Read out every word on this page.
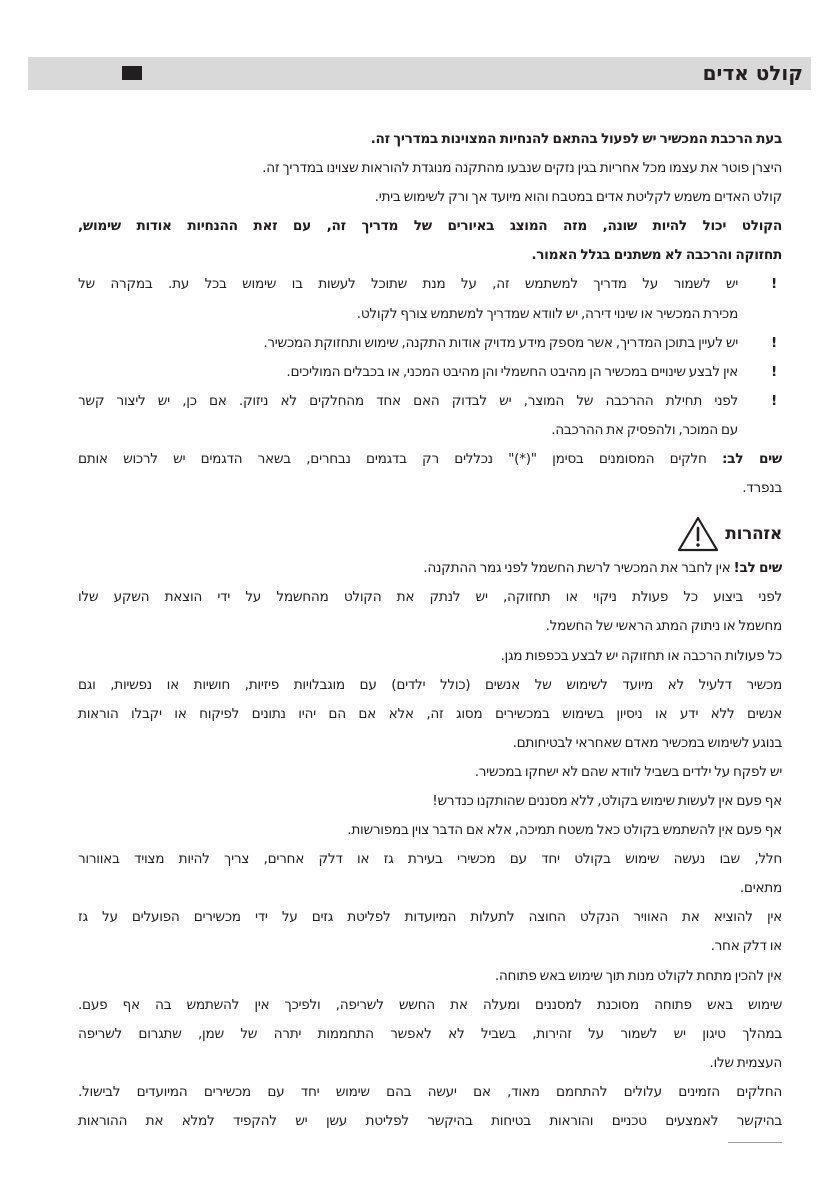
קולט אדים

בעת הרכבת המכשיר יש לפעול בהתאם להנחיות המצוינות במדריך זה.

היצרן פוטר את עצמו מכל אחריות בגין נזקים שנבעו מהתקנה מנוגדת להוראות שצוינו במדריך זה.

קולט האדים משמש לקליטת אדים במטבח והוא מיועד אך ורק לשימוש ביתי.

הקולט יכול להיות שונה, מזה המוצג באיורים של מדריך זה, עם זאת ההנחיות אודות שימוש,

תחזוקה והרכבה לא משתנים בגלל האמור.

!

יש לשמור על מדריך למשתמש זה, על מנת שתוכל לעשות בו שימוש בכל עת. במקרה של

מכירת המכשיר או שינוי דירה, יש לוודא שמדריך למשתמש צורף לקולט.

!

יש לעיין בתוכן המדריך, אשר מספק מידע מדויק אודות התקנה, שימוש ותחזוקת המכשיר.

!

אין לבצע שינויים במכשיר הן מהיבט החשמלי והן מהיבט המכני, או בכבלים המוליכים.

!

לפני תחילת ההרכבה של המוצר, יש לבדוק האם אחד מהחלקים לא ניזוק. אם כן, יש ליצור קשר

עם המוכר, ולהפסיק את ההרכבה.

שים לב: חלקים המסומנים בסימן "(*)" נכללים רק בדגמים נבחרים, בשאר הדגמים יש לרכוש אותם

בנפרד.

אזהרות

שים לב! אין לחבר את המכשיר לרשת החשמל לפני גמר ההתקנה.

לפני ביצוע כל פעולת ניקוי או תחזוקה, יש לנתק את הקולט מהחשמל על ידי הוצאת השקע שלו

מחשמל או ניתוק המתג הראשי של החשמל.

כל פעולות הרכבה או תחזוקה יש לבצע בכפפות מגן.

מכשיר דלעיל לא מיועד לשימוש של אנשים (כולל ילדים) עם מוגבלויות פיזיות, חושיות או נפשיות, וגם

אנשים ללא ידע או ניסיון בשימוש במכשירים מסוג זה, אלא אם הם יהיו נתונים לפיקוח או יקבלו הוראות

בנוגע לשימוש במכשיר מאדם שאחראי לבטיחותם.

יש לפקח על ילדים בשביל לוודא שהם לא ישחקו במכשיר.

אף פעם אין לעשות שימוש בקולט, ללא מסננים שהותקנו כנדרש!

אף פעם אין להשתמש בקולט כאל משטח תמיכה, אלא אם הדבר צוין במפורשות.

חלל, שבו נעשה שימוש בקולט יחד עם מכשירי בעירת גז או דלק אחרים, צריך להיות מצויד באוורור

מתאים.

אין להוציא את האוויר הנקלט החוצה לתעלות המיועדות לפליטת גזים על ידי מכשירים הפועלים על גז

או דלק אחר.

אין להכין מתחת לקולט מנות תוך שימוש באש פתוחה.

שימוש באש פתוחה מסוכנת למסננים ומעלה את החשש לשריפה, ולפיכך אין להשתמש בה אף פעם.

במהלך טיגון יש לשמור על זהירות, בשביל לא לאפשר התחממות יתרה של שמן, שתגרום לשריפה

העצמית שלו.

החלקים הזמינים עלולים להתחמם מאוד, אם יעשה בהם שימוש יחד עם מכשירים המיועדים לבישול.

בהיקשר לאמצעים טכניים והוראות בטיחות בהיקשר לפליטת עשן יש להקפיד למלא את ההוראות
